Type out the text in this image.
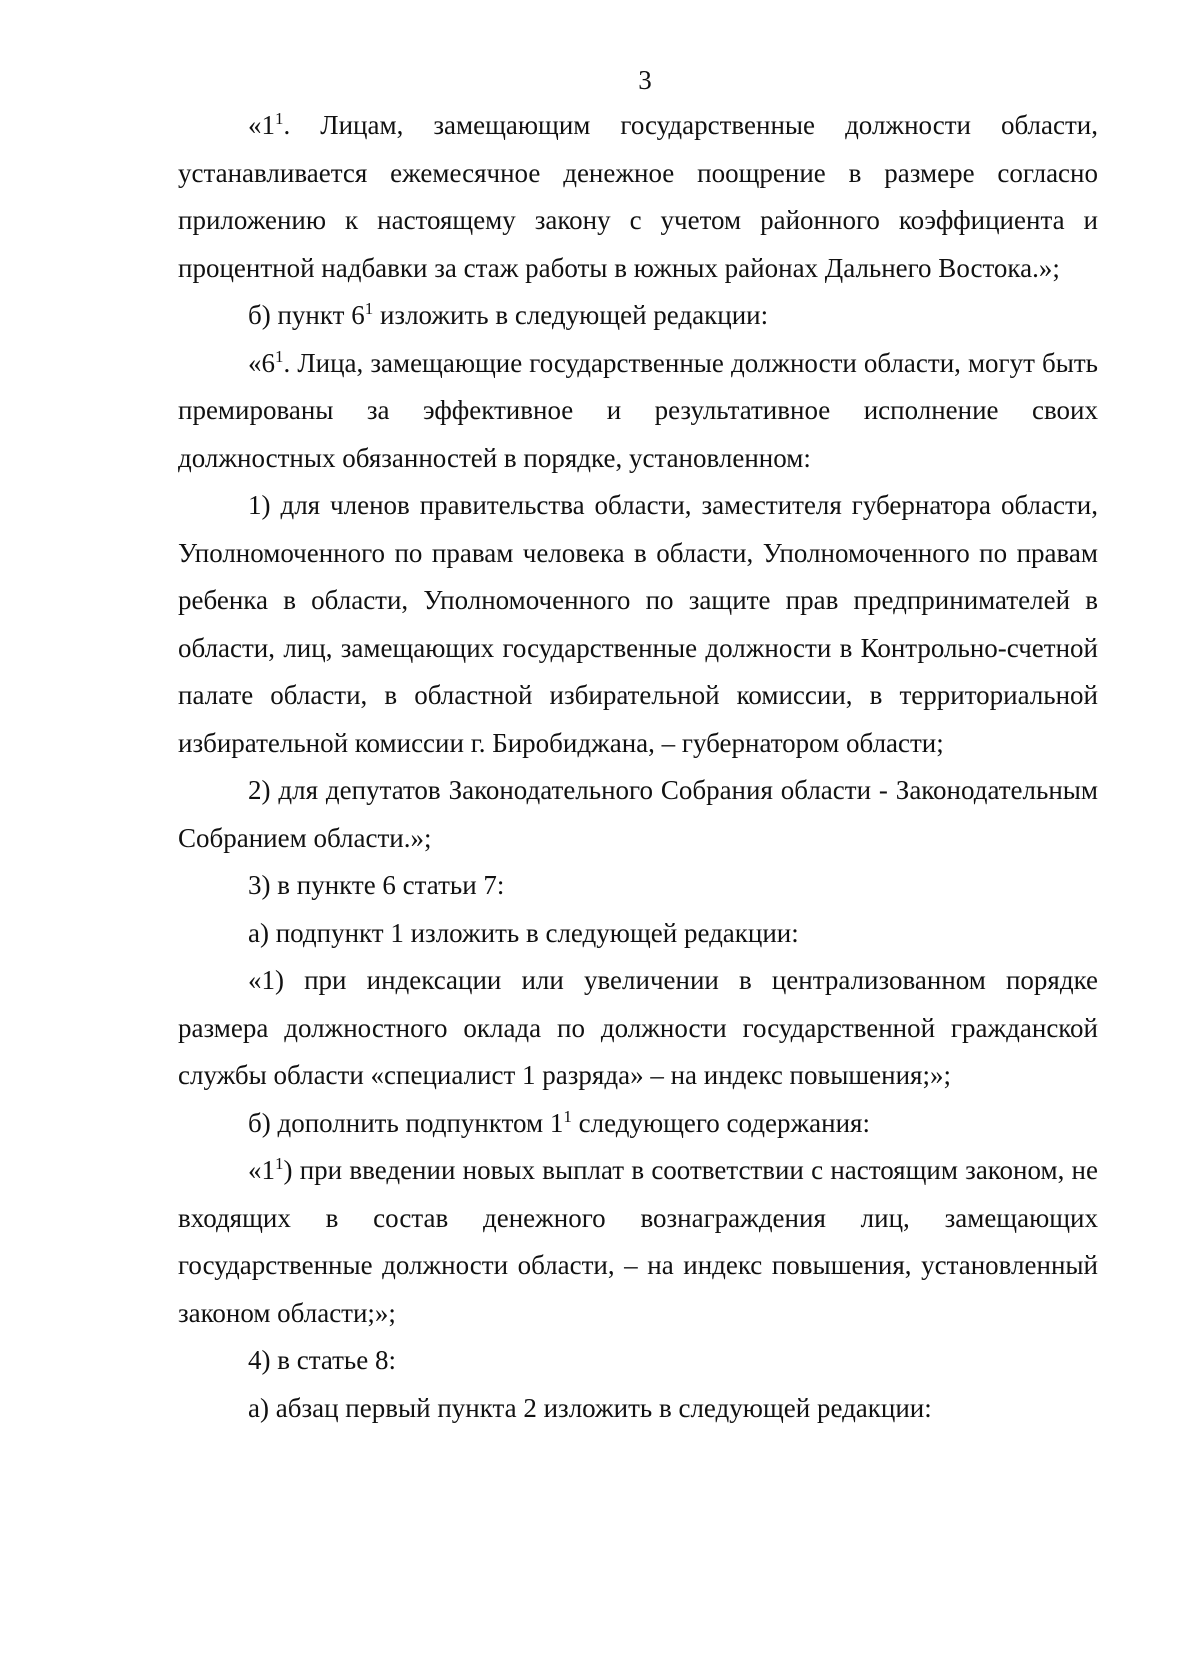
3

«$1^1$. Лицам, замещающим государственные должности области, устанавливается ежемесячное денежное поощрение в размере согласно приложению к настоящему закону с учетом районного коэффициента и процентной надбавки за стаж работы в южных районах Дальнего Востока.»;

б) пункт $6^1$ изложить в следующей редакции:

«$6^1$. Лица, замещающие государственные должности области, могут быть премированы за эффективное и результативное исполнение своих должностных обязанностей в порядке, установленном:

1) для членов правительства области, заместителя губернатора области, Уполномоченного по правам человека в области, Уполномоченного по правам ребенка в области, Уполномоченного по защите прав предпринимателей в области, лиц, замещающих государственные должности в Контрольно-счетной палате области, в областной избирательной комиссии, в территориальной избирательной комиссии г. Биробиджана, – губернатором области;

2) для депутатов Законодательного Собрания области - Законодательным Собранием области.»;

3) в пункте 6 статьи 7:

а) подпункт 1 изложить в следующей редакции:

«1) при индексации или увеличении в централизованном порядке размера должностного оклада по должности государственной гражданской службы области «специалист 1 разряда» – на индекс повышения;»;

б) дополнить подпунктом $1^1$ следующего содержания:

«$1^1$) при введении новых выплат в соответствии с настоящим законом, не входящих в состав денежного вознаграждения лиц, замещающих государственные должности области, – на индекс повышения, установленный законом области;»;

4) в статье 8:

а) абзац первый пункта 2 изложить в следующей редакции:
